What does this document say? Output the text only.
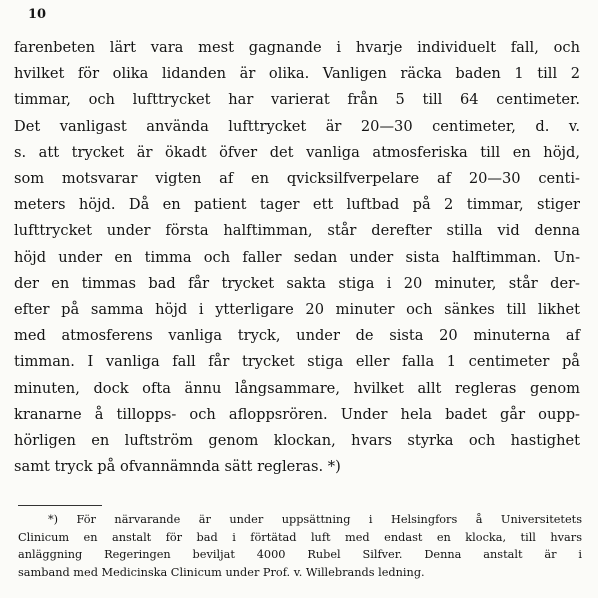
10
farenbeten lärt vara mest gagnande i hvarje individuelt fall, och
hvilket för olika lidanden är olika. Vanligen räcka baden 1 till 2
timmar, och lufttrycket har varierat från 5 till 64 centimeter.
Det vanligast använda lufttrycket är 20—30 centimeter, d. v.
s. att trycket är ökadt öfver det vanliga atmosferiska till en höjd,
som motsvarar vigten af en qvicksilfverpelare af 20—30 centi-
meters höjd. Då en patient tager ett luftbad på 2 timmar, stiger
lufttrycket under första halftimman, står derefter stilla vid denna
höjd under en timma och faller sedan under sista halftimman. Un-
der en timmas bad får trycket sakta stiga i 20 minuter, står der-
efter på samma höjd i ytterligare 20 minuter och sänkes till likhet
med atmosferens vanliga tryck, under de sista 20 minuterna af
timman. I vanliga fall får trycket stiga eller falla 1 centimeter på
minuten, dock ofta ännu långsammare, hvilket allt regleras genom
kranarne å tillopps- och afloppsrören. Under hela badet går oupp-
hörligen en luftström genom klockan, hvars styrka och hastighet
samt tryck på ofvannämnda sätt regleras. *)
*) För närvarande är under uppsättning i Helsingfors å Universitetets
Clinicum en anstalt för bad i förtätad luft med endast en klocka, till hvars
anläggning Regeringen beviljat 4000 Rubel Silfver. Denna anstalt är i
samband med Medicinska Clinicum under Prof. v. Willebrands ledning.
